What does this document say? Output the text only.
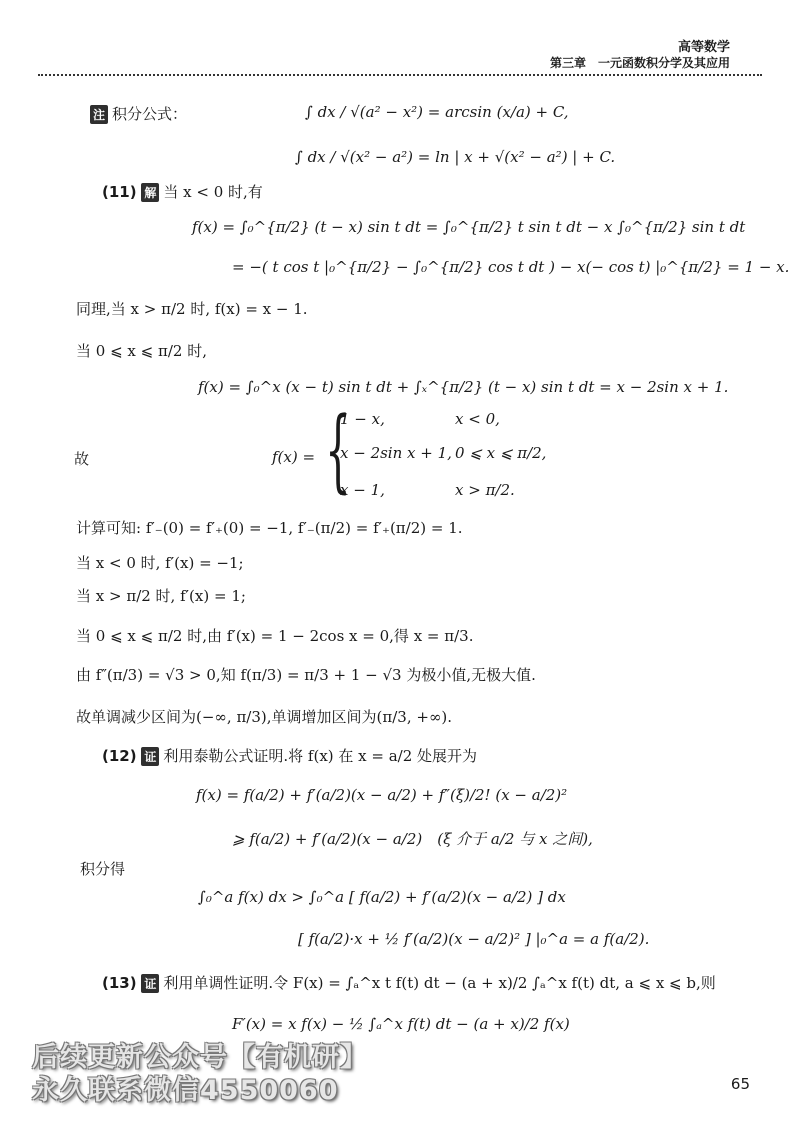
高等数学
第三章　一元函数积分学及其应用
注 积分公式：	∫ dx / √(a² − x²) = arcsin (x/a) + C,
∫ dx / √(x² − a²) = ln | x + √(x² − a²) | + C.
(11) 解 当 x < 0 时,有
f(x) = ∫₀^{π/2} (t − x) sin t dt = ∫₀^{π/2} t sin t dt − x ∫₀^{π/2} sin t dt
= −( t cos t |₀^{π/2} − ∫₀^{π/2} cos t dt ) − x(− cos t) |₀^{π/2} = 1 − x.
同理,当 x > π/2 时, f(x) = x − 1.
当 0 ⩽ x ⩽ π/2 时,
f(x) = ∫₀^x (x − t) sin t dt + ∫ₓ^{π/2} (t − x) sin t dt = x − 2sin x + 1.
故	f(x) = {
1 − x,	x < 0,
x − 2sin x + 1, 0 ⩽ x ⩽ π/2,
x − 1,	x > π/2.
计算可知: f′₋(0) = f′₊(0) = −1, f′₋(π/2) = f′₊(π/2) = 1.
当 x < 0 时, f′(x) = −1;
当 x > π/2 时, f′(x) = 1;
当 0 ⩽ x ⩽ π/2 时,由 f′(x) = 1 − 2cos x = 0,得 x = π/3.
由 f″(π/3) = √3 > 0,知 f(π/3) = π/3 + 1 − √3 为极小值,无极大值.
故单调减少区间为(−∞, π/3),单调增加区间为(π/3, +∞).
(12) 证 利用泰勒公式证明.将 f(x) 在 x = a/2 处展开为
f(x) = f(a/2) + f′(a/2)(x − a/2) + f″(ξ)/2! (x − a/2)²
⩾ f(a/2) + f′(a/2)(x − a/2)　(ξ 介于 a/2 与 x 之间),
积分得
∫₀^a f(x) dx > ∫₀^a [ f(a/2) + f′(a/2)(x − a/2) ] dx
[ f(a/2)·x + ½ f′(a/2)(x − a/2)² ] |₀^a = a f(a/2).
(13) 证 利用单调性证明.令 F(x) = ∫ₐ^x t f(t) dt − (a + x)/2 ∫ₐ^x f(t) dt, a ⩽ x ⩽ b,则
F′(x) = x f(x) − ½ ∫ₐ^x f(t) dt − (a + x)/2 f(x)
后续更新公众号【有机研】
永久联系微信4550060	65
